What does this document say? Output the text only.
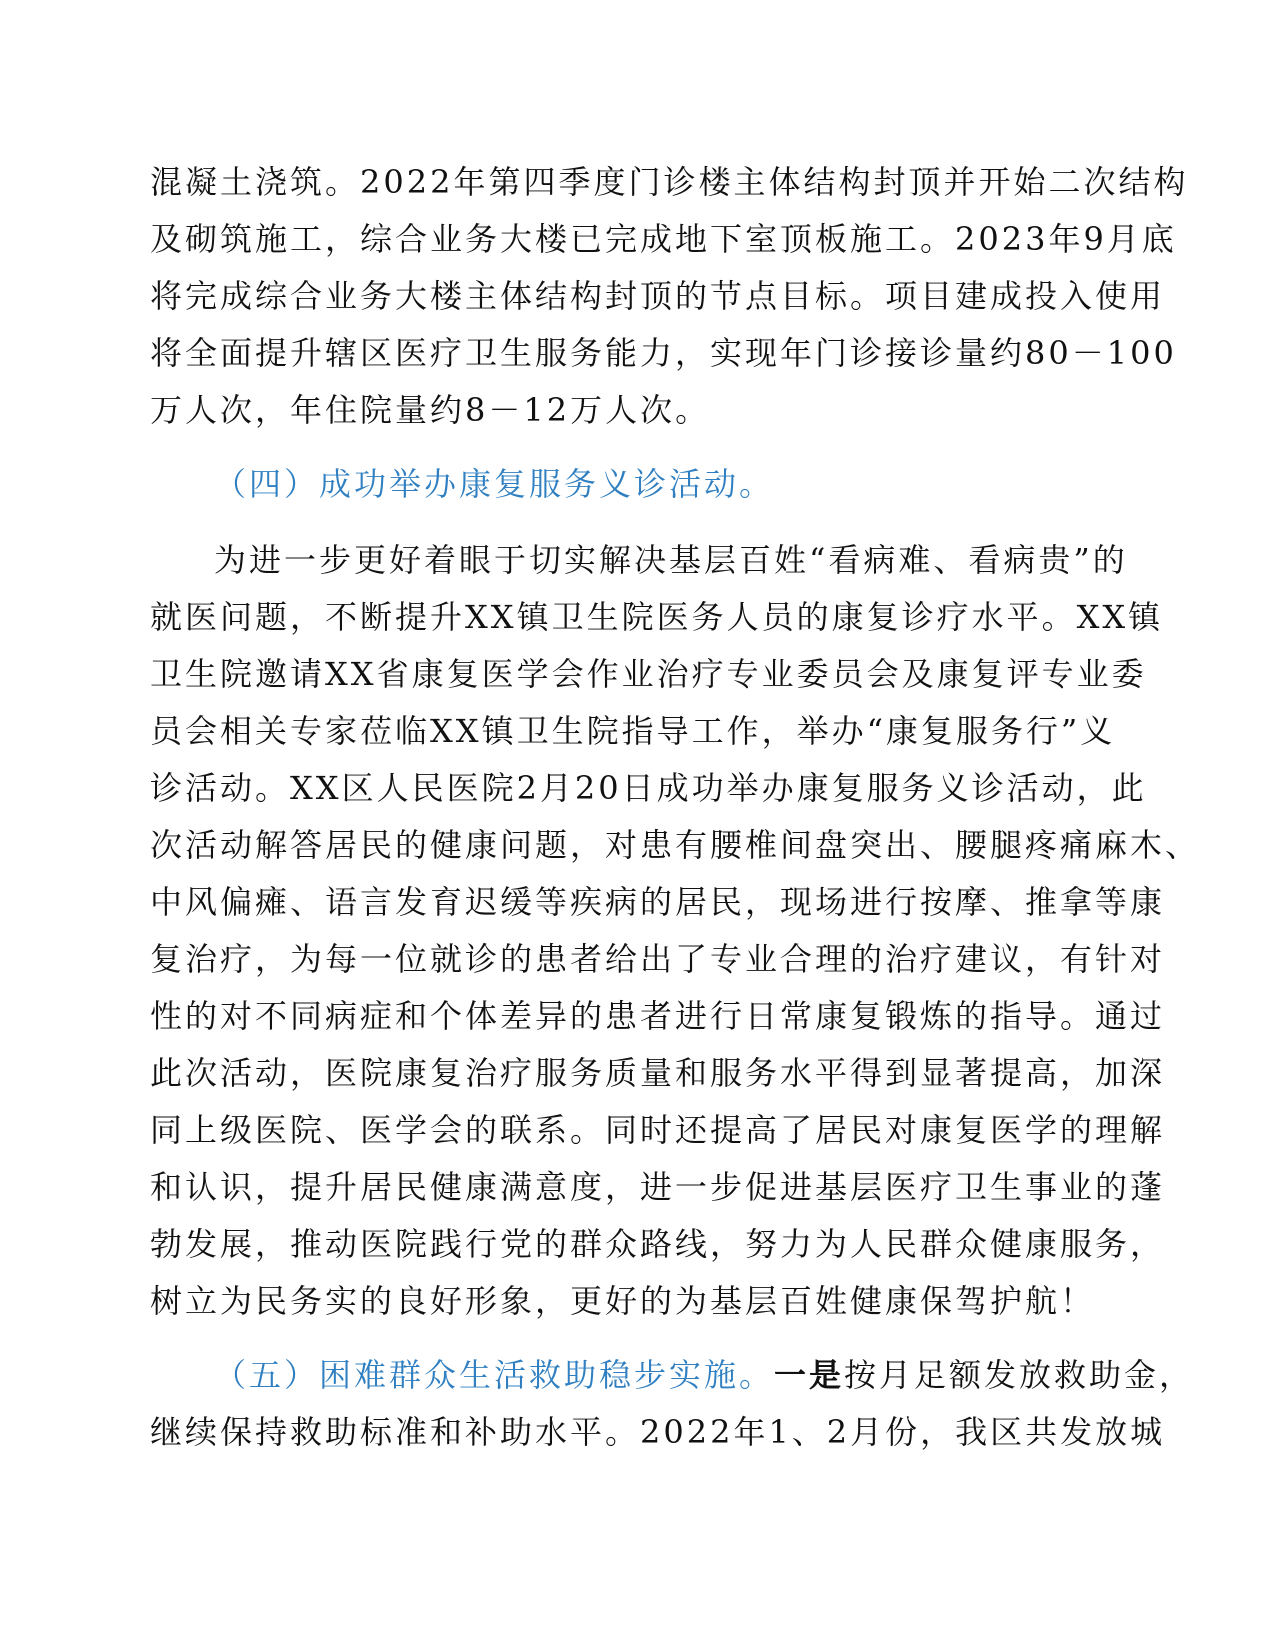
混凝土浇筑。2022年第四季度门诊楼主体结构封顶并开始二次结构
及砌筑施工，综合业务大楼已完成地下室顶板施工。2023年9月底
将完成综合业务大楼主体结构封顶的节点目标。项目建成投入使用
将全面提升辖区医疗卫生服务能力，实现年门诊接诊量约80－100
万人次，年住院量约8－12万人次。
（四）成功举办康复服务义诊活动。
为进一步更好着眼于切实解决基层百姓“看病难、看病贵”的
就医问题，不断提升XX镇卫生院医务人员的康复诊疗水平。XX镇
卫生院邀请XX省康复医学会作业治疗专业委员会及康复评专业委
员会相关专家莅临XX镇卫生院指导工作，举办“康复服务行”义
诊活动。XX区人民医院2月20日成功举办康复服务义诊活动，此
次活动解答居民的健康问题，对患有腰椎间盘突出、腰腿疼痛麻木、
中风偏瘫、语言发育迟缓等疾病的居民，现场进行按摩、推拿等康
复治疗，为每一位就诊的患者给出了专业合理的治疗建议，有针对
性的对不同病症和个体差异的患者进行日常康复锻炼的指导。通过
此次活动，医院康复治疗服务质量和服务水平得到显著提高，加深
同上级医院、医学会的联系。同时还提高了居民对康复医学的理解
和认识，提升居民健康满意度，进一步促进基层医疗卫生事业的蓬
勃发展，推动医院践行党的群众路线，努力为人民群众健康服务，
树立为民务实的良好形象，更好的为基层百姓健康保驾护航！
（五）困难群众生活救助稳步实施。一是按月足额发放救助金，
继续保持救助标准和补助水平。2022年1、2月份，我区共发放城
